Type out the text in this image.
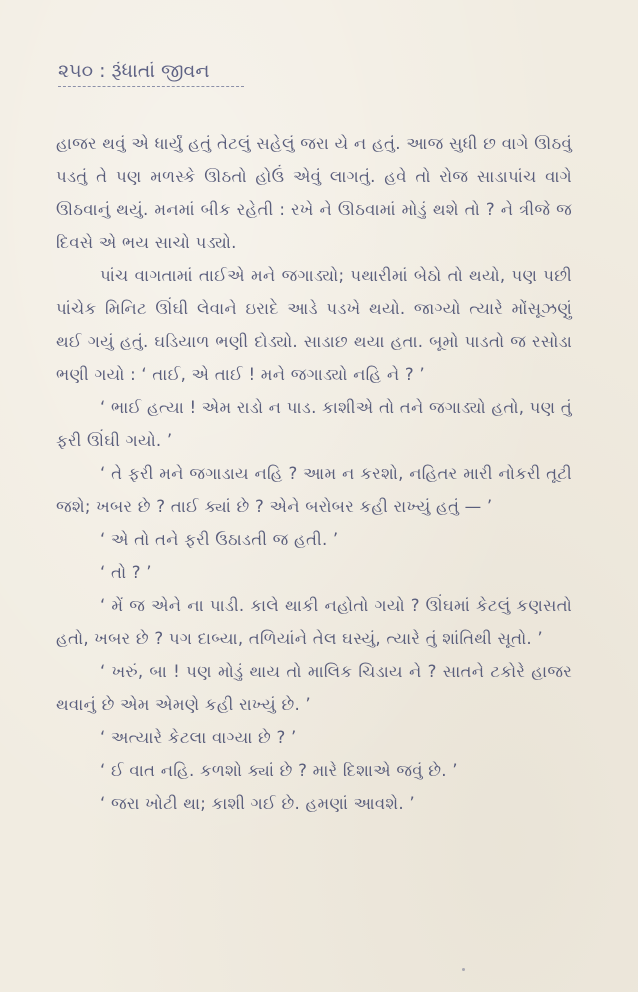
૨૫૦ : રૂંધાતાં જીવન

હાજર થવું એ ધાર્યું હતું તેટલું સહેલું જરા યે ન હતું. આજ સુધી છ વાગે ઊઠવું પડતું તે પણ મળસ્કે ઊઠતો હોઉં એવું લાગતું. હવે તો રોજ સાડાપાંચ વાગે ઊઠવાનું થયું. મનમાં બીક રહેતી : રખે ને ઊઠવામાં મોડું થશે તો ? ને ત્રીજે જ દિવસે એ ભય સાચો પડ્યો.

પાંચ વાગતામાં તાઈએ મને જગાડ્યો; પથારીમાં બેઠો તો થયો, પણ પછી પાંચેક મિનિટ ઊંઘી લેવાને ઇરાદે આડે પડખે થયો. જાગ્યો ત્યારે મોંસૂઝણું થઈ ગયું હતું. ઘડિયાળ ભણી દોડ્યો. સાડાછ થયા હતા. બૂમો પાડતો જ રસોડા ભણી ગયો : ‘ તાઈ, એ તાઈ ! મને જગાડ્યો નહિ ને ? ’

‘ ભાઈ હત્યા ! એમ રાડો ન પાડ. કાશીએ તો તને જગાડ્યો હતો, પણ તું ફરી ઊંઘી ગયો. ’

‘ તે ફરી મને જગાડાય નહિ ? આમ ન કરશો, નહિતર મારી નોકરી તૂટી જશે; ખબર છે ? તાઈ ક્યાં છે ? એને બરોબર કહી રાખ્યું હતું — ’

‘ એ તો તને ફરી ઉઠાડતી જ હતી. ’

‘ તો ? ’

‘ મેં જ એને ના પાડી. કાલે થાકી નહોતો ગયો ? ઊંઘમાં કેટલું કણસતો હતો, ખબર છે ? પગ દાબ્યા, તળિયાંને તેલ ઘસ્યું, ત્યારે તું શાંતિથી સૂતો. ’

‘ ખરું, બા ! પણ મોડું થાય તો માલિક ચિડાય ને ? સાતને ટકોરે હાજર થવાનું છે એમ એમણે કહી રાખ્યું છે. ’

‘ અત્યારે કેટલા વાગ્યા છે ? ’

‘ ઈ વાત નહિ. કળશો ક્યાં છે ? મારે દિશાએ જવું છે. ’

‘ જરા ખોટી થા; કાશી ગઈ છે. હમણાં આવશે. ’
